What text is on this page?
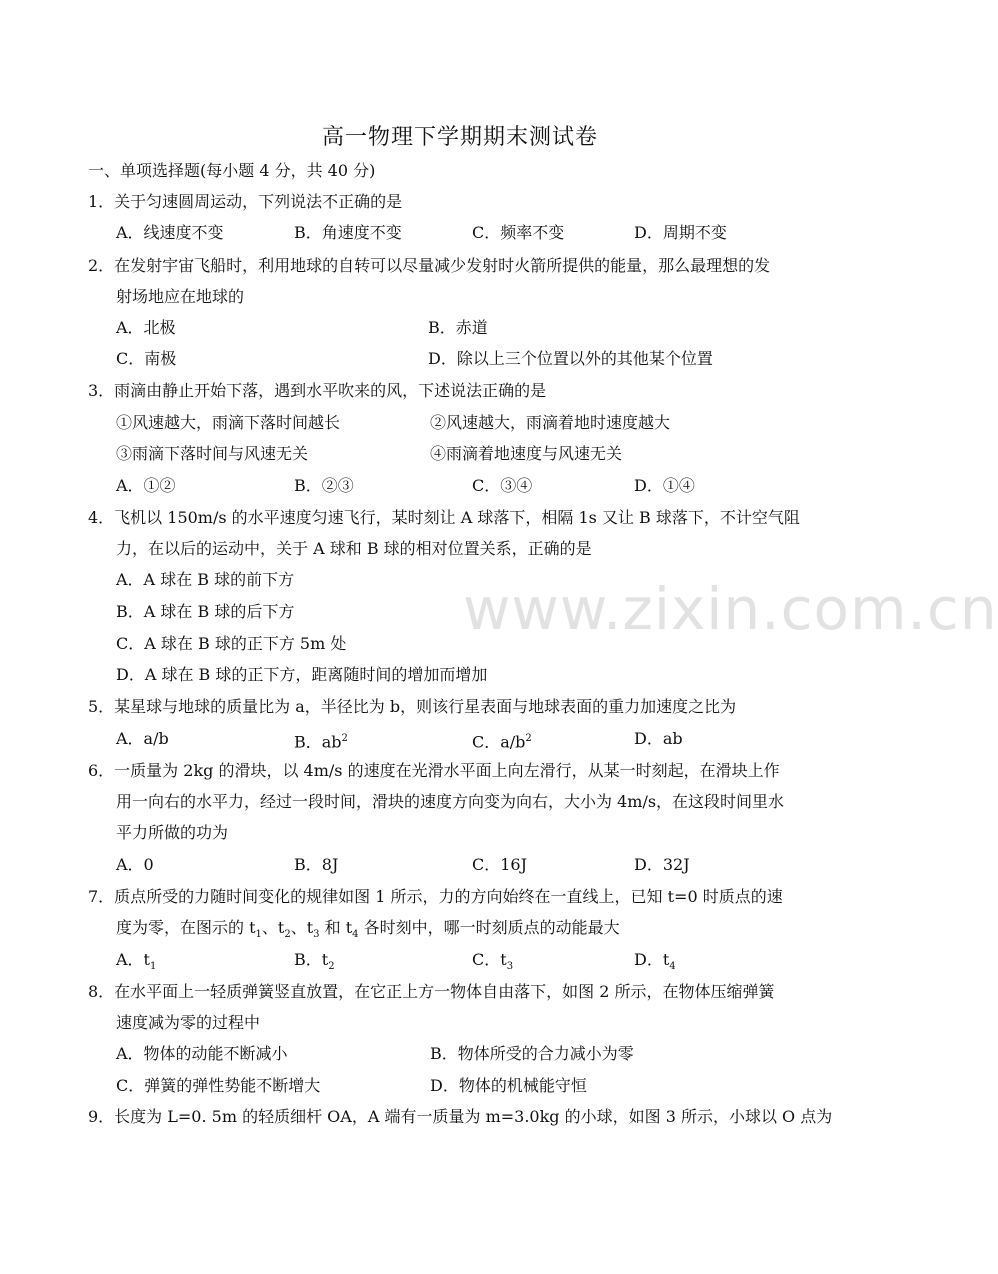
www.zixin.com.cn
高一物理下学期期末测试卷
一、单项选择题(每小题 4 分，共 40 分)
1．关于匀速圆周运动，下列说法不正确的是
A．线速度不变	B．角速度不变	C．频率不变	D．周期不变
2．在发射宇宙飞船时，利用地球的自转可以尽量减少发射时火箭所提供的能量，那么最理想的发
射场地应在地球的
A．北极	B．赤道
C．南极	D．除以上三个位置以外的其他某个位置
3．雨滴由静止开始下落，遇到水平吹来的风，下述说法正确的是
①风速越大，雨滴下落时间越长	②风速越大，雨滴着地时速度越大
③雨滴下落时间与风速无关	④雨滴着地速度与风速无关
A．①②	B．②③	C．③④	D．①④
4．飞机以 150m/s 的水平速度匀速飞行，某时刻让 A 球落下，相隔 1s 又让 B 球落下，不计空气阻
力，在以后的运动中，关于 A 球和 B 球的相对位置关系，正确的是
A．A 球在 B 球的前下方
B．A 球在 B 球的后下方
C．A 球在 B 球的正下方 5m 处
D．A 球在 B 球的正下方，距离随时间的增加而增加
5．某星球与地球的质量比为 a，半径比为 b，则该行星表面与地球表面的重力加速度之比为
A．a/b	B．$ab^2$	C．$a/b^2$	D．ab
6．一质量为 2kg 的滑块，以 4m/s 的速度在光滑水平面上向左滑行，从某一时刻起，在滑块上作
用一向右的水平力，经过一段时间，滑块的速度方向变为向右，大小为 4m/s，在这段时间里水
平力所做的功为
A．0	B．8J	C．16J	D．32J
7．质点所受的力随时间变化的规律如图 1 所示，力的方向始终在一直线上，已知 t=0 时质点的速
度为零，在图示的 $t_1$、$t_2$、$t_3$ 和 $t_4$ 各时刻中，哪一时刻质点的动能最大
A．$t_1$	B．$t_2$	C．$t_3$	D．$t_4$
8．在水平面上一轻质弹簧竖直放置，在它正上方一物体自由落下，如图 2 所示，在物体压缩弹簧
速度减为零的过程中
A．物体的动能不断减小	B．物体所受的合力减小为零
C．弹簧的弹性势能不断增大	D．物体的机械能守恒
9．长度为 L=0. 5m 的轻质细杆 OA，A 端有一质量为 m=3.0kg 的小球，如图 3 所示，小球以 O 点为
